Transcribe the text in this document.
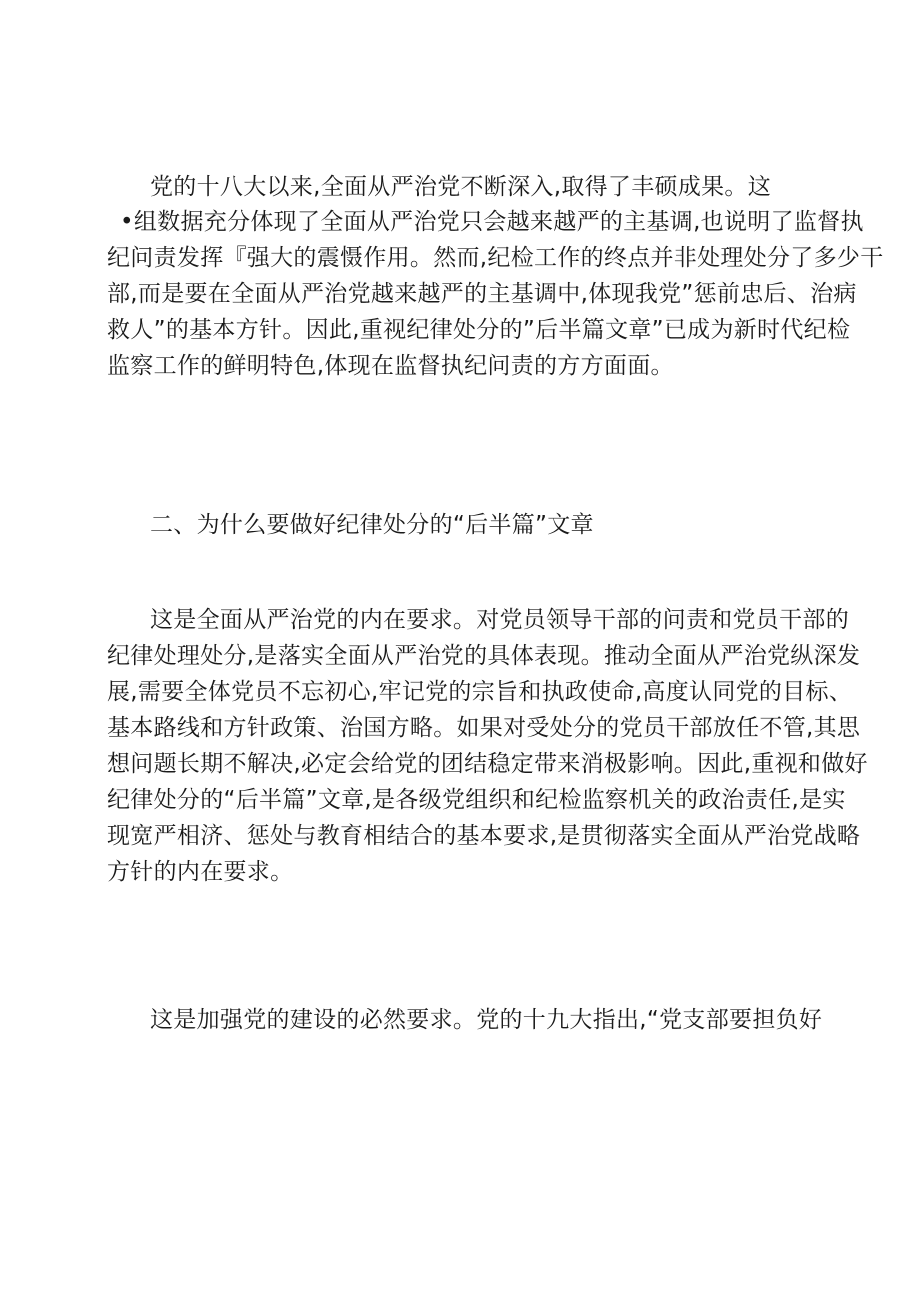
党的十八大以来,全面从严治党不断深入,取得了丰硕成果。这
•组数据充分体现了全面从严治党只会越来越严的主基调,也说明了监督执
纪问责发挥『强大的震慑作用。然而,纪检工作的终点并非处理处分了多少干
部,而是要在全面从严治党越来越严的主基调中,体现我党”惩前忠后、治病
救人”的基本方针。因此,重视纪律处分的”后半篇文章”已成为新时代纪检
监察工作的鲜明特色,体现在监督执纪问责的方方面面。
二、为什么要做好纪律处分的“后半篇”文章
这是全面从严治党的内在要求。对党员领导干部的问责和党员干部的
纪律处理处分,是落实全面从严治党的具体表现。推动全面从严治党纵深发
展,需要全体党员不忘初心,牢记党的宗旨和执政使命,高度认同党的目标、
基本路线和方针政策、治国方略。如果对受处分的党员干部放任不管,其思
想问题长期不解决,必定会给党的团结稳定带来消极影响。因此,重视和做好
纪律处分的“后半篇”文章,是各级党组织和纪检监察机关的政治责任,是实
现宽严相济、惩处与教育相结合的基本要求,是贯彻落实全面从严治党战略
方针的内在要求。
这是加强党的建设的必然要求。党的十九大指出,“党支部要担负好
